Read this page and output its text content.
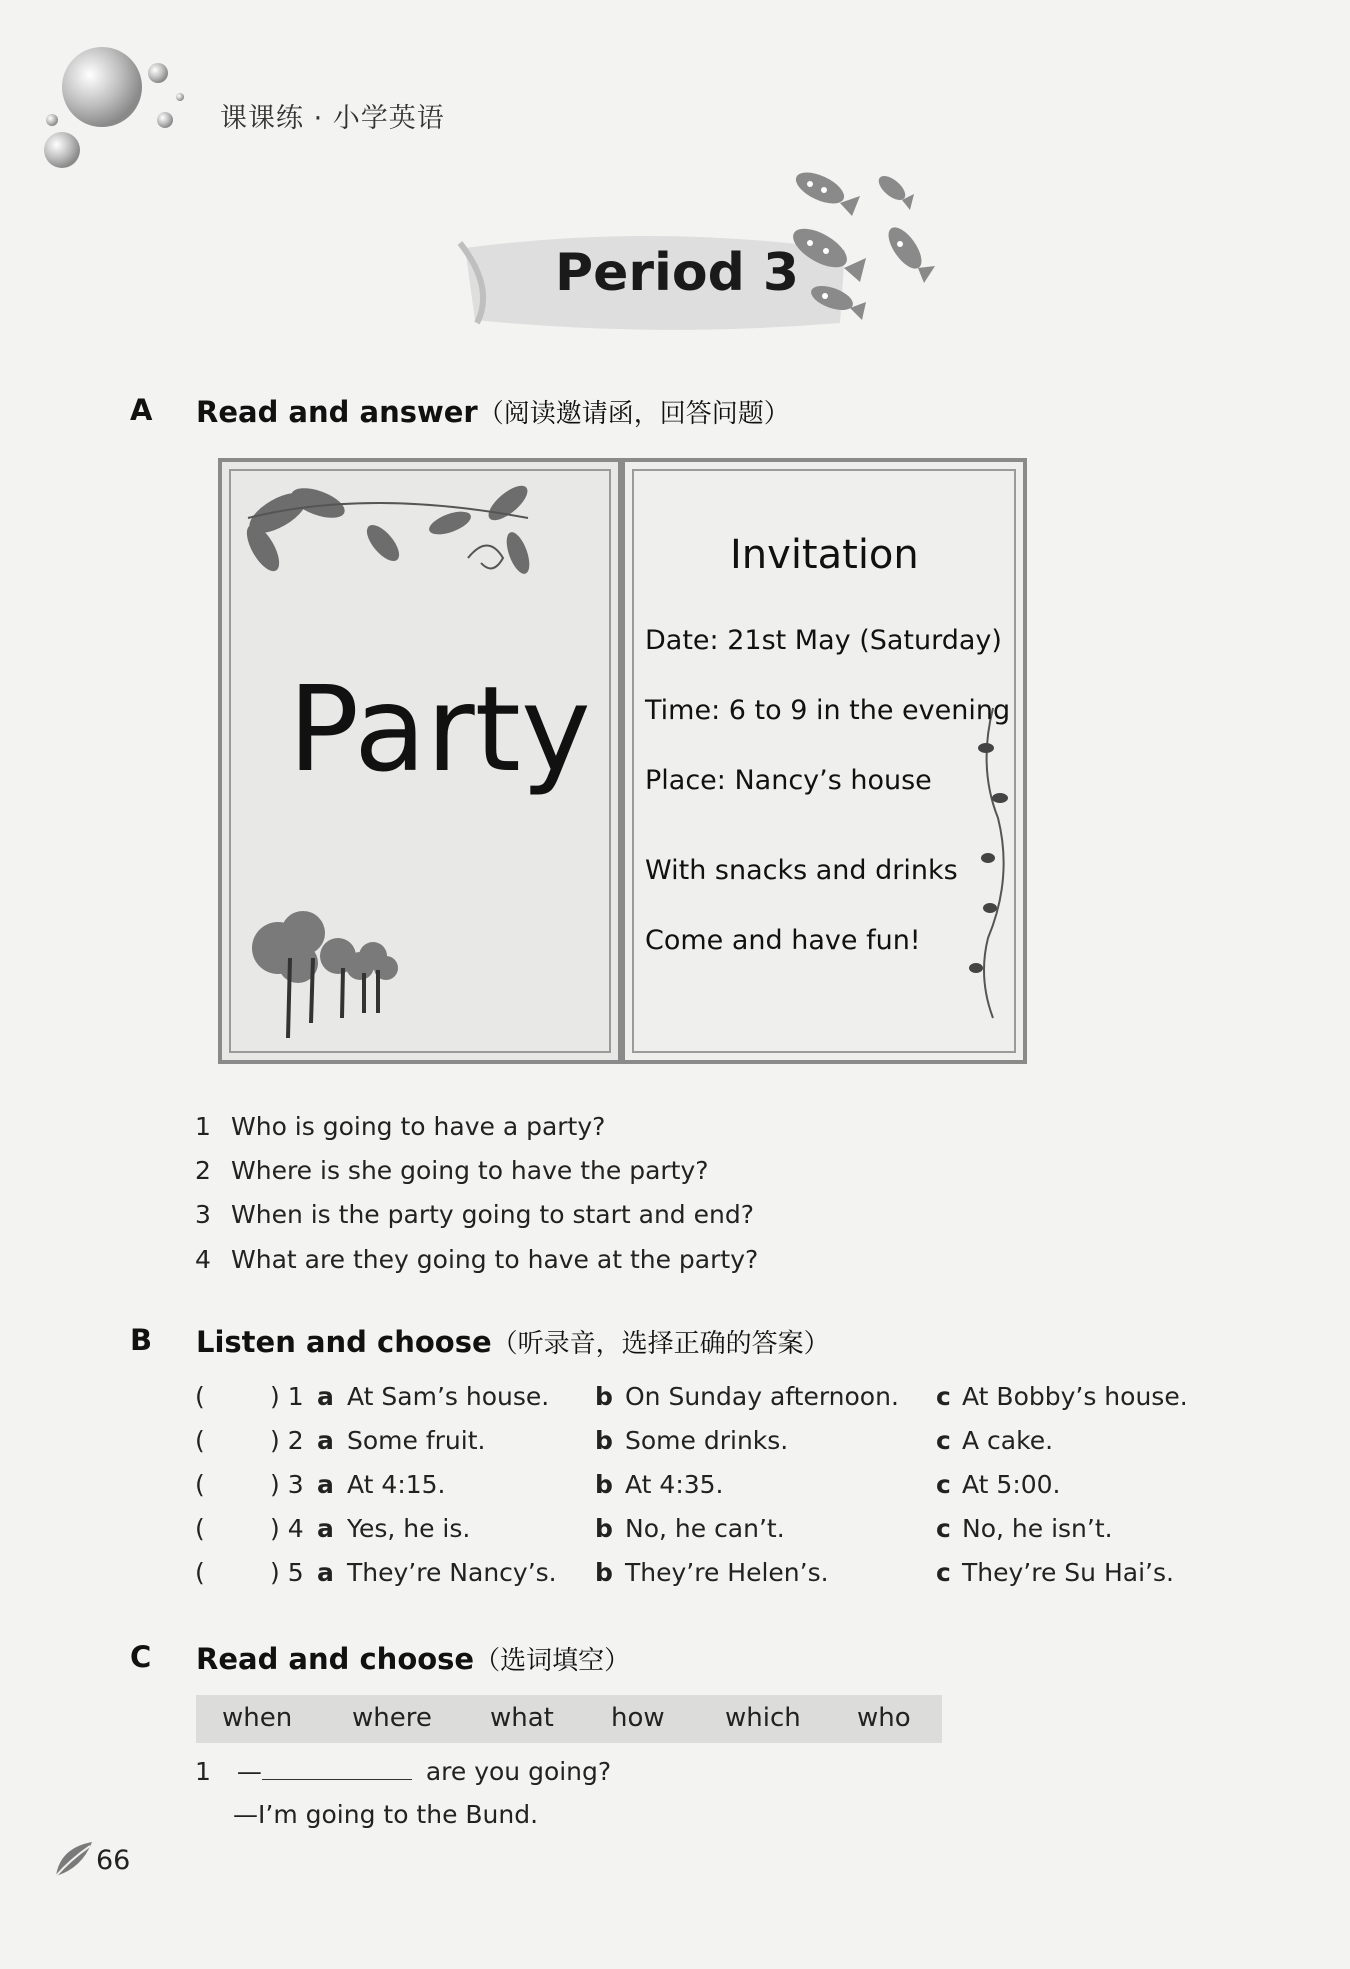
课课练 · 小学英语
Period 3
A Read and answer（阅读邀请函，回答问题）
Party
Invitation
Date: 21st May (Saturday)
Time: 6 to 9 in the evening
Place: Nancy’s house
With snacks and drinks
Come and have fun!
1 Who is going to have a party?
2 Where is she going to have the party?
3 When is the party going to start and end?
4 What are they going to have at the party?
B Listen and choose（听录音，选择正确的答案）
(	) 1 a At Sam’s house. b On Sunday afternoon. c At Bobby’s house.
(	) 2 a Some fruit.	b Some drinks.	c A cake.
(	) 3 a At 4:15.	b At 4:35.	c At 5:00.
(	) 4 a Yes, he is.	b No, he can’t.	c No, he isn’t.
(	) 5 a They’re Nancy’s. b They’re Helen’s.	c They’re Su Hai’s.
C Read and choose（选词填空）
when where what how which who
1 —	are you going?
—I’m going to the Bund.
66
